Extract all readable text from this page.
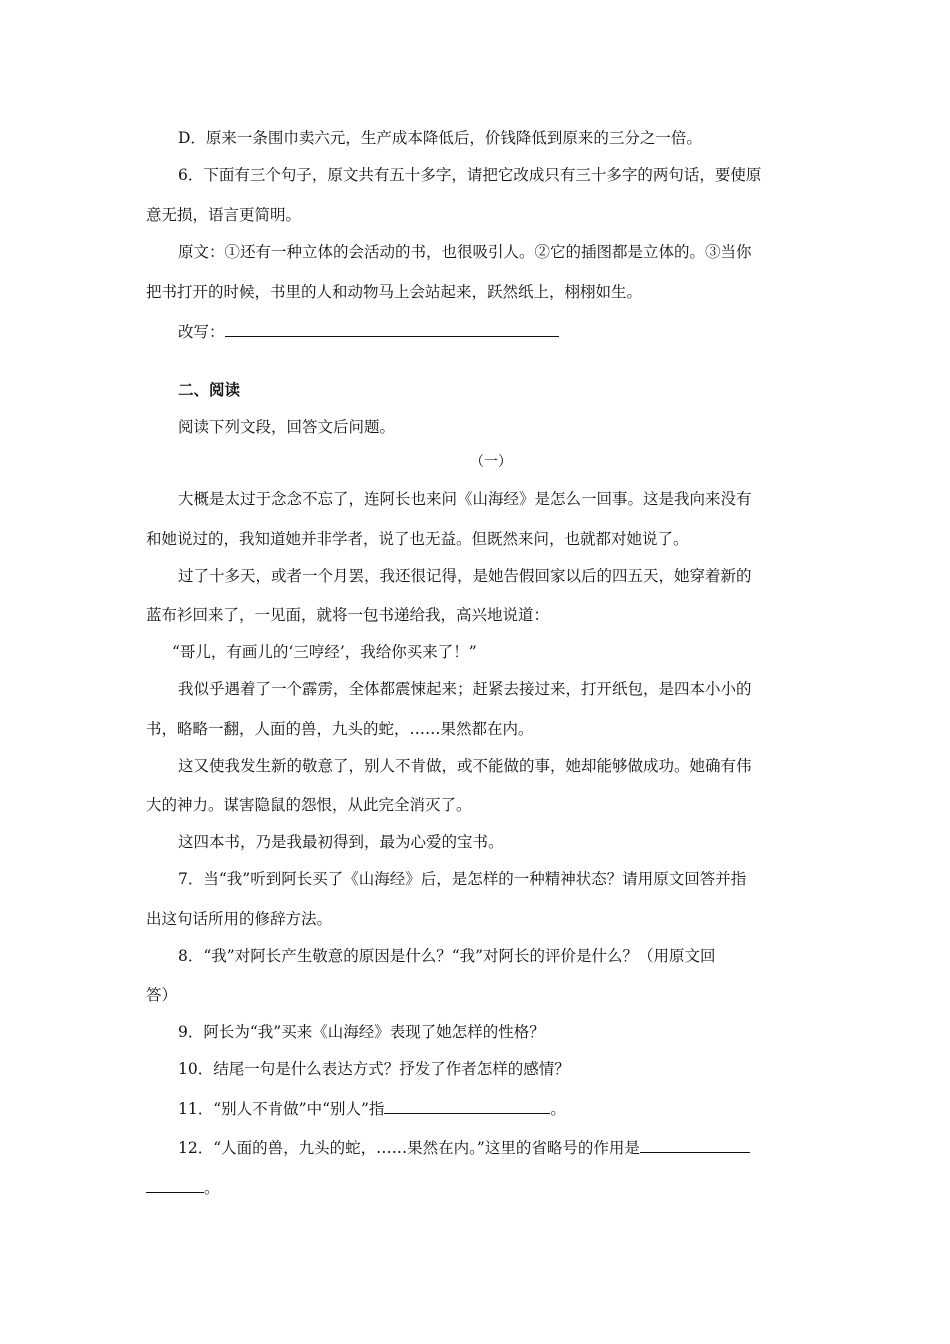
D．原来一条围巾卖六元，生产成本降低后，价钱降低到原来的三分之一倍。
6．下面有三个句子，原文共有五十多字，请把它改成只有三十多字的两句话，要使原
意无损，语言更简明。
原文：①还有一种立体的会活动的书，也很吸引人。②它的插图都是立体的。③当你
把书打开的时候，书里的人和动物马上会站起来，跃然纸上，栩栩如生。
改写：
二、阅读
阅读下列文段，回答文后问题。
（一）
大概是太过于念念不忘了，连阿长也来问《山海经》是怎么一回事。这是我向来没有
和她说过的，我知道她并非学者，说了也无益。但既然来问，也就都对她说了。
过了十多天，或者一个月罢，我还很记得，是她告假回家以后的四五天，她穿着新的
蓝布衫回来了，一见面，就将一包书递给我，高兴地说道：
“哥儿，有画儿的‘三哼经’，我给你买来了！”
我似乎遇着了一个霹雳，全体都震悚起来；赶紧去接过来，打开纸包，是四本小小的
书，略略一翻，人面的兽，九头的蛇，……果然都在内。
这又使我发生新的敬意了，别人不肯做，或不能做的事，她却能够做成功。她确有伟
大的神力。谋害隐鼠的怨恨，从此完全消灭了。
这四本书，乃是我最初得到，最为心爱的宝书。
7．当“我”听到阿长买了《山海经》后，是怎样的一种精神状态？请用原文回答并指
出这句话所用的修辞方法。
8．“我”对阿长产生敬意的原因是什么？“我”对阿长的评价是什么？（用原文回
答）
9．阿长为“我”买来《山海经》表现了她怎样的性格？
10．结尾一句是什么表达方式？抒发了作者怎样的感情？
11．“别人不肯做”中“别人”指	。
12．“人面的兽，九头的蛇，……果然在内。”这里的省略号的作用是
。
